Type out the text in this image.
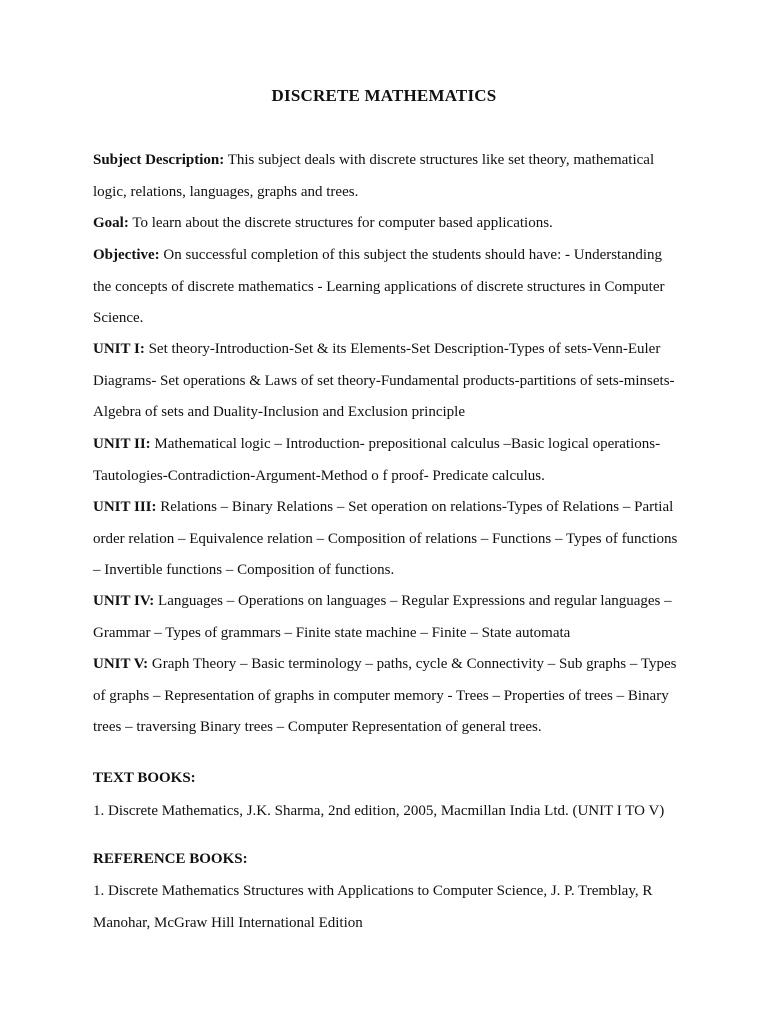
DISCRETE MATHEMATICS

Subject Description: This subject deals with discrete structures like set theory, mathematical logic, relations, languages, graphs and trees.

Goal: To learn about the discrete structures for computer based applications.

Objective: On successful completion of this subject the students should have: - Understanding the concepts of discrete mathematics - Learning applications of discrete structures in Computer Science.

UNIT I: Set theory-Introduction-Set & its Elements-Set Description-Types of sets-Venn-Euler Diagrams- Set operations & Laws of set theory-Fundamental products-partitions of sets-minsets- Algebra of sets and Duality-Inclusion and Exclusion principle

UNIT II: Mathematical logic – Introduction- prepositional calculus –Basic logical operations- Tautologies-Contradiction-Argument-Method o f proof- Predicate calculus.

UNIT III: Relations – Binary Relations – Set operation on relations-Types of Relations – Partial order relation – Equivalence relation – Composition of relations – Functions – Types of functions – Invertible functions – Composition of functions.

UNIT IV: Languages – Operations on languages – Regular Expressions and regular languages – Grammar – Types of grammars – Finite state machine – Finite – State automata

UNIT V: Graph Theory – Basic terminology – paths, cycle & Connectivity – Sub graphs – Types of graphs – Representation of graphs in computer memory - Trees – Properties of trees – Binary trees – traversing Binary trees – Computer Representation of general trees.

TEXT BOOKS:

1. Discrete Mathematics, J.K. Sharma, 2nd edition, 2005, Macmillan India Ltd. (UNIT I TO V)

REFERENCE BOOKS:

1. Discrete Mathematics Structures with Applications to Computer Science, J. P. Tremblay, R Manohar, McGraw Hill International Edition
